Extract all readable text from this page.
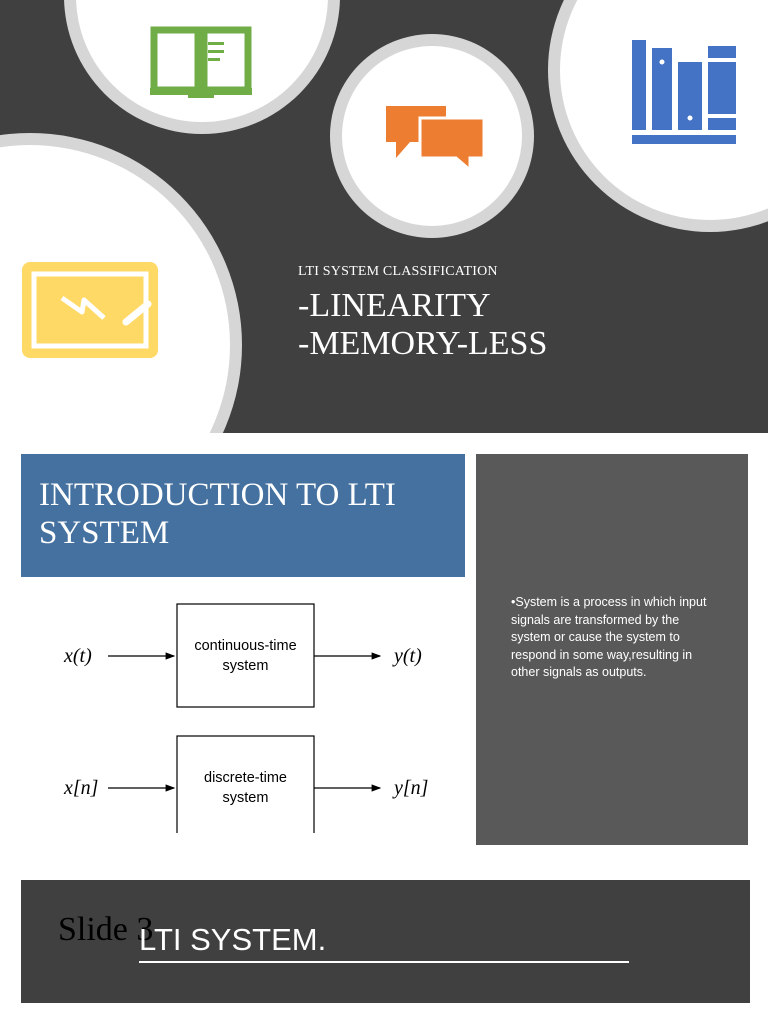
LTI SYSTEM CLASSIFICATION
-LINEARITY
-MEMORY-LESS
INTRODUCTION TO LTI SYSTEM
•System is a process in which input signals are transformed by the system or cause the system to respond in some way,resulting in other signals as outputs.
x(t)	continuous-time
system	y(t)
x[n]	discrete-time
system	y[n]
Slide 3
LTI SYSTEM.
